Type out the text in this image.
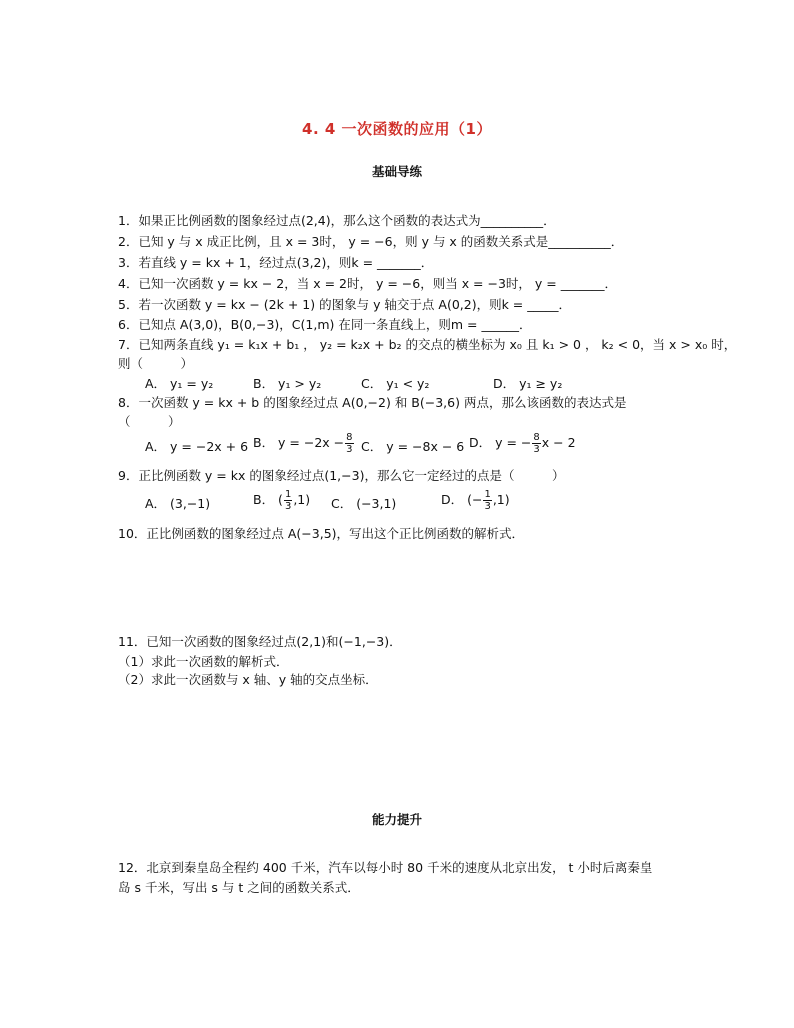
4. 4 一次函数的应用（1）
基础导练
1．如果正比例函数的图象经过点(2,4)，那么这个函数的表达式为__________．
2．已知 y 与 x 成正比例，且 x = 3时， y = −6，则 y 与 x 的函数关系式是__________．
3．若直线 y = kx + 1，经过点(3,2)，则k = _______．
4．已知一次函数 y = kx − 2，当 x = 2时， y = −6，则当 x = −3时， y = _______．
5．若一次函数 y = kx − (2k + 1) 的图象与 y 轴交于点 A(0,2)，则k = _____．
6．已知点 A(3,0)，B(0,−3)，C(1,m) 在同一条直线上，则m = ______．
7．已知两条直线 y₁ = k₁x + b₁ ， y₂ = k₂x + b₂ 的交点的横坐标为 x₀ 且 k₁ > 0 ， k₂ < 0，当 x > x₀ 时，
则（　　　）
A． y₁ = y₂	B． y₁ > y₂	C． y₁ < y₂	D． y₁ ≥ y₂
8．一次函数 y = kx + b 的图象经过点 A(0,−2) 和 B(−3,6) 两点，那么该函数的表达式是
（　　　）
A． y = −2x + 6 B． $y = -2x - \frac{8}{3}$ C． y = −8x − 6 D． y = − $\frac{8}{3}$ x − 2
9．正比例函数 y = kx 的图象经过点(1,−3)，那么它一定经过的点是（　　　）
A． (3,−1)	B． ( $\frac{1}{3} ,1$) C． (−3,1)	D． (− $\frac{1}{3} ,1$)
10．正比例函数的图象经过点 A(−3,5)，写出这个正比例函数的解析式．
11．已知一次函数的图象经过点(2,1)和(−1,−3)．
（1）求此一次函数的解析式．
（2）求此一次函数与 x 轴、y 轴的交点坐标．
能力提升
12．北京到秦皇岛全程约 400 千米，汽车以每小时 80 千米的速度从北京出发， t 小时后离秦皇
岛 s 千米，写出 s 与 t 之间的函数关系式．
